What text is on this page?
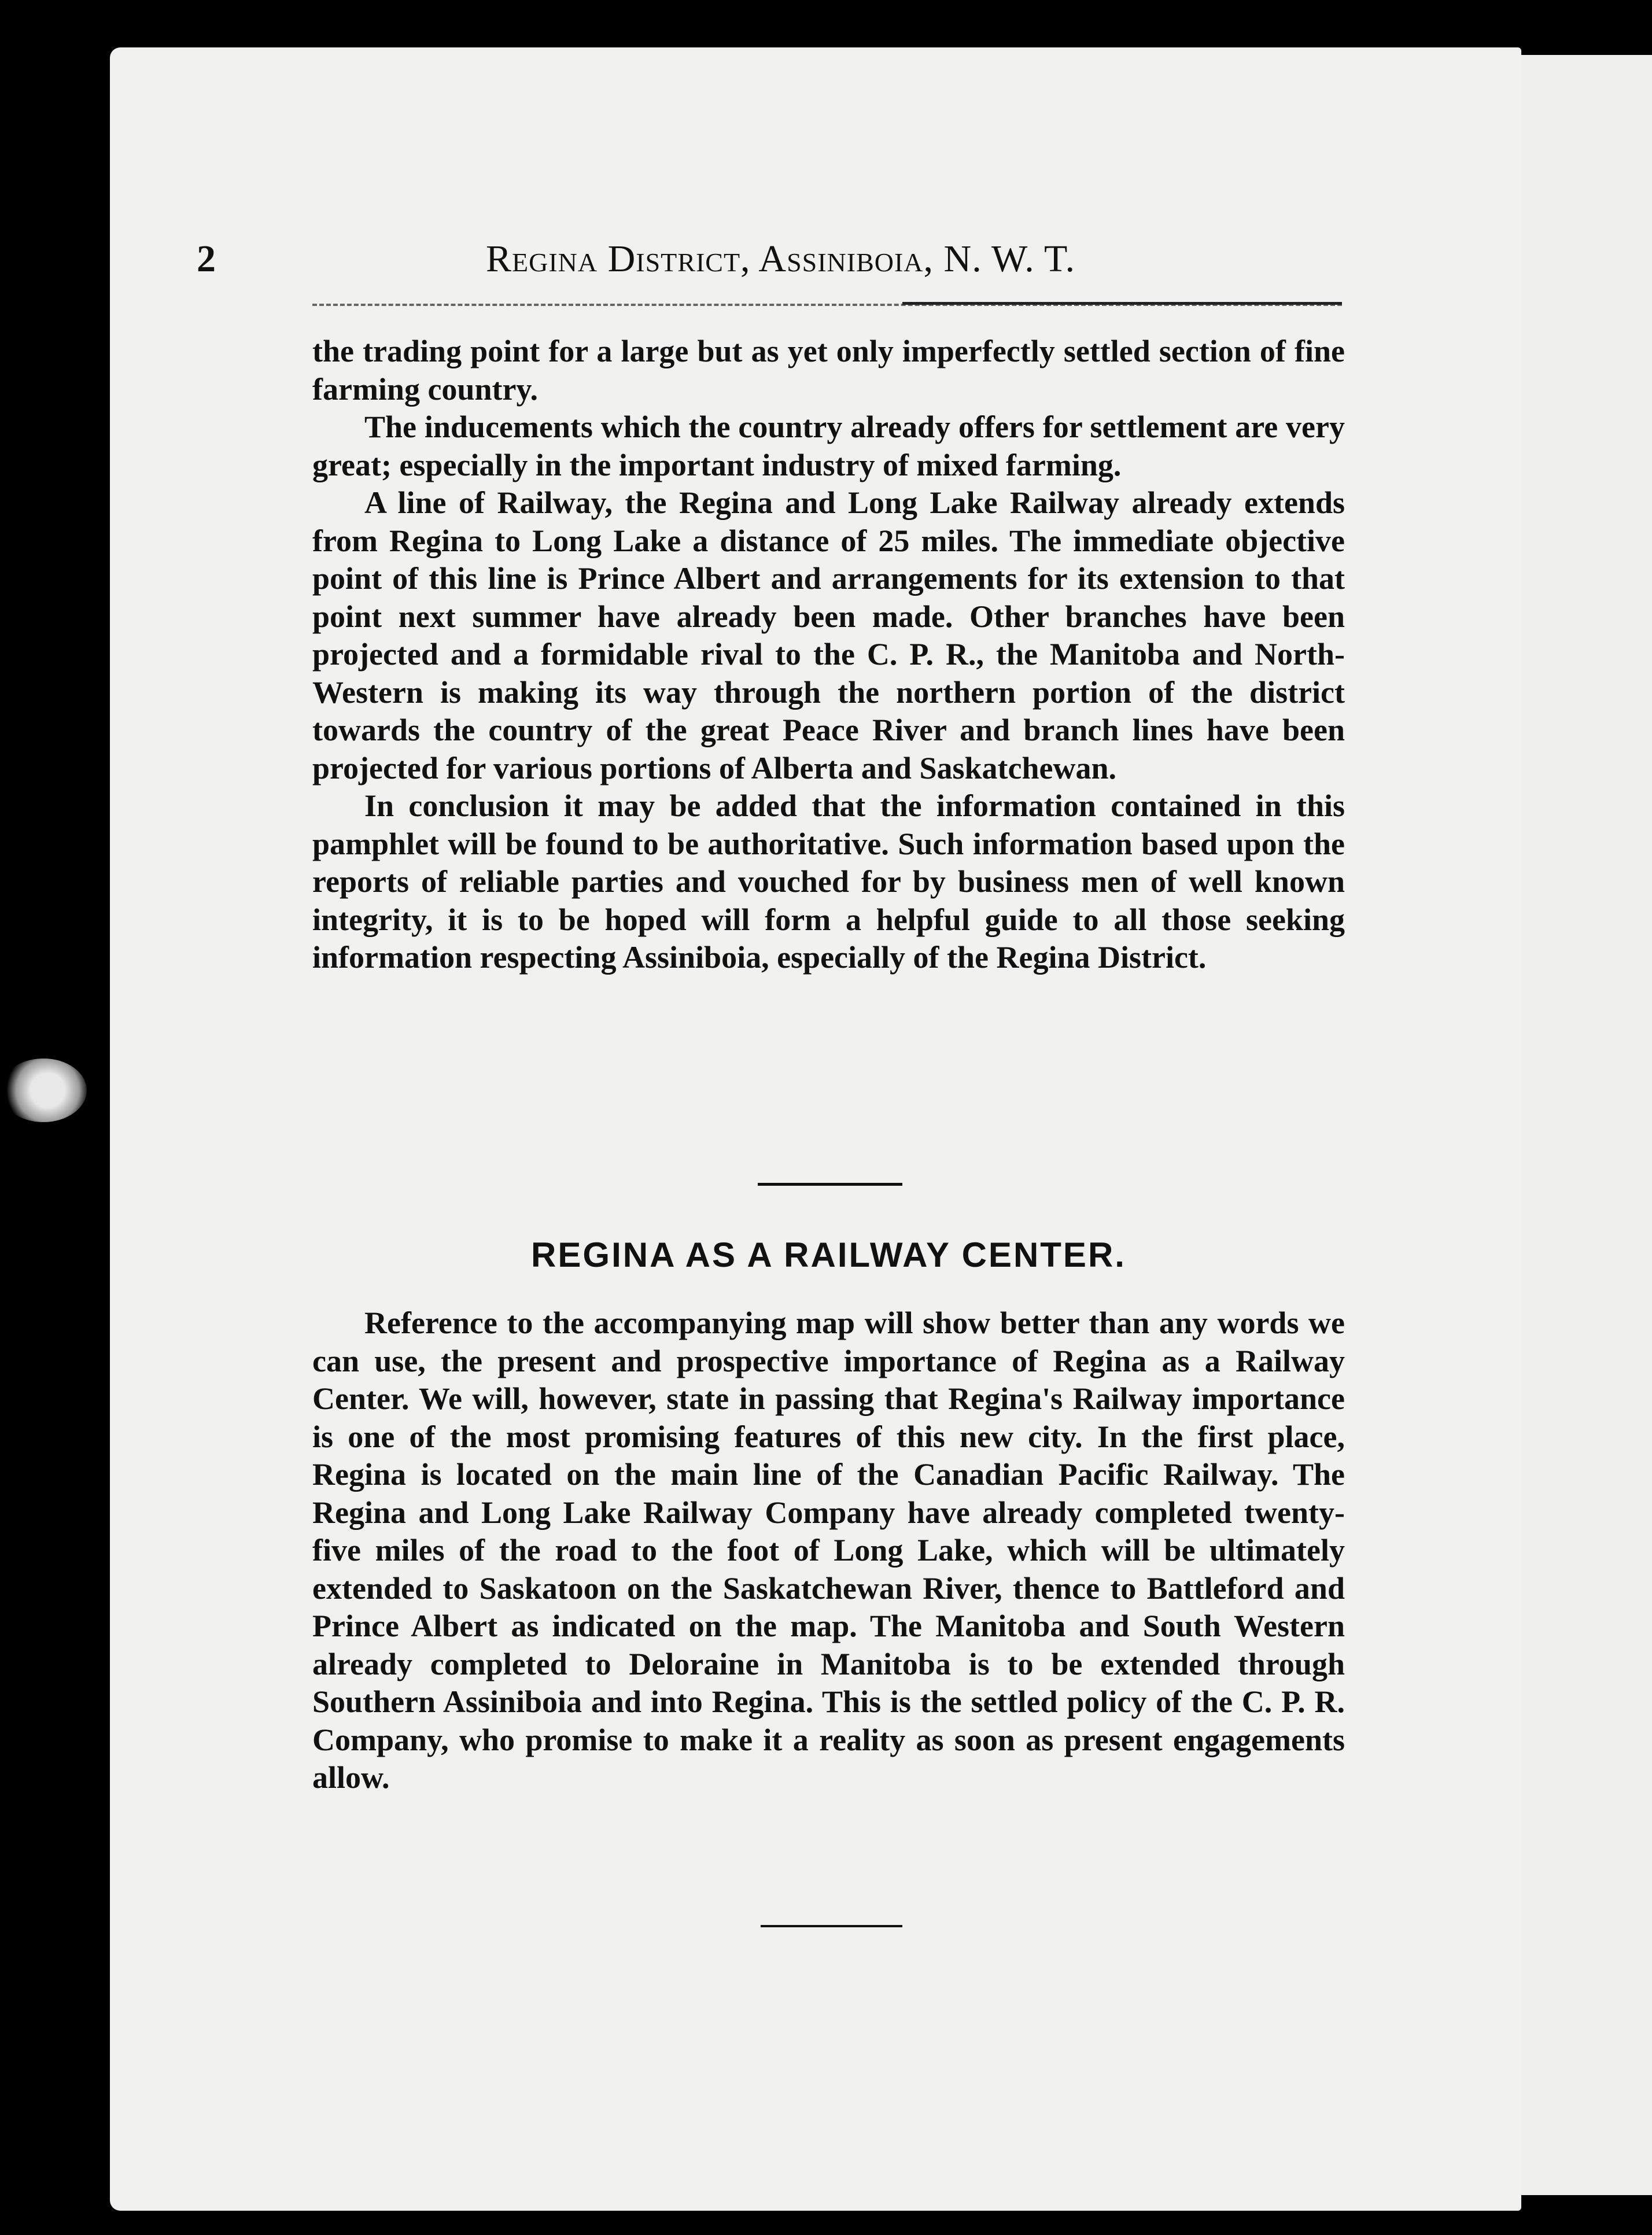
2	Regina District, Assiniboia, N. W. T.

the trading point for a large but as yet only imperfectly settled section of fine farming country.

The inducements which the country already offers for settlement are very great; especially in the important industry of mixed farming.

A line of Railway, the Regina and Long Lake Railway already extends from Regina to Long Lake a distance of 25 miles. The immediate objective point of this line is Prince Albert and arrangements for its extension to that point next summer have already been made. Other branches have been projected and a formidable rival to the C. P. R., the Manitoba and North-Western is making its way through the northern portion of the district towards the country of the great Peace River and branch lines have been projected for various portions of Alberta and Saskatchewan.

In conclusion it may be added that the information contained in this pamphlet will be found to be authoritative. Such information based upon the reports of reliable parties and vouched for by business men of well known integrity, it is to be hoped will form a helpful guide to all those seeking information respecting Assiniboia, especially of the Regina District.

REGINA AS A RAILWAY CENTER.

Reference to the accompanying map will show better than any words we can use, the present and prospective importance of Regina as a Railway Center. We will, however, state in passing that Regina's Railway importance is one of the most promising features of this new city. In the first place, Regina is located on the main line of the Canadian Pacific Railway. The Regina and Long Lake Railway Company have already completed twenty-five miles of the road to the foot of Long Lake, which will be ultimately extended to Saskatoon on the Saskatchewan River, thence to Battleford and Prince Albert as indicated on the map. The Manitoba and South Western already completed to Deloraine in Manitoba is to be extended through Southern Assiniboia and into Regina. This is the settled policy of the C. P. R. Company, who promise to make it a reality as soon as present engagements allow.
